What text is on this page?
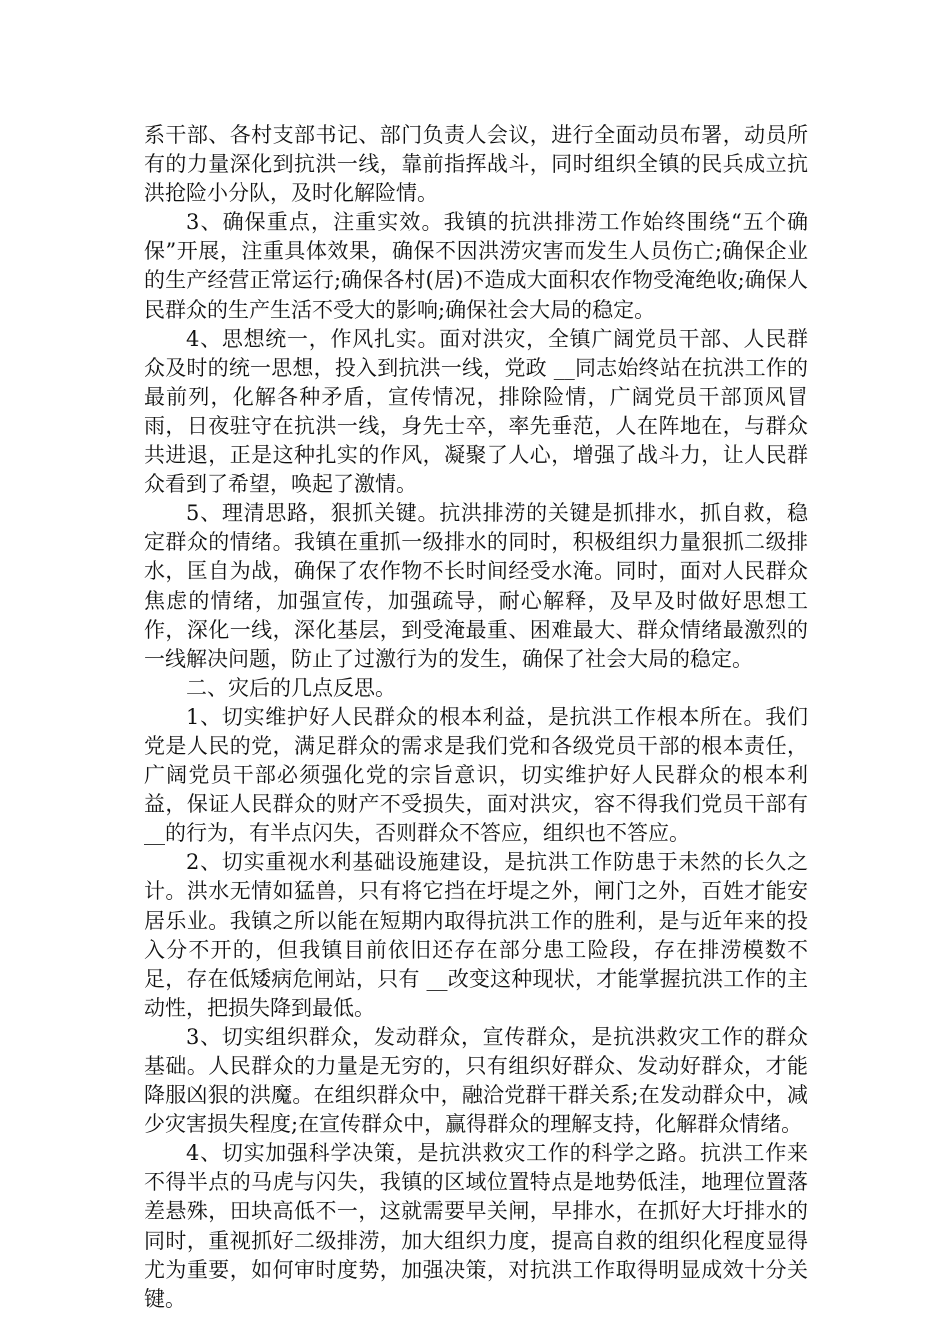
系干部、各村支部书记、部门负责人会议，进行全面动员布署，动员所有的力量深化到抗洪一线，靠前指挥战斗，同时组织全镇的民兵成立抗洪抢险小分队，及时化解险情。

3、确保重点，注重实效。我镇的抗洪排涝工作始终围绕“五个确保”开展，注重具体效果，确保不因洪涝灾害而发生人员伤亡;确保企业的生产经营正常运行;确保各村(居)不造成大面积农作物受淹绝收;确保人民群众的生产生活不受大的影响;确保社会大局的稳定。

4、思想统一，作风扎实。面对洪灾，全镇广阔党员干部、人民群众及时的统一思想，投入到抗洪一线，党政 __同志始终站在抗洪工作的最前列，化解各种矛盾，宣传情况，排除险情，广阔党员干部顶风冒雨，日夜驻守在抗洪一线，身先士卒，率先垂范，人在阵地在，与群众共进退，正是这种扎实的作风，凝聚了人心，增强了战斗力，让人民群众看到了希望，唤起了激情。

5、理清思路，狠抓关键。抗洪排涝的关键是抓排水，抓自救，稳定群众的情绪。我镇在重抓一级排水的同时，积极组织力量狠抓二级排水，匡自为战，确保了农作物不长时间经受水淹。同时，面对人民群众焦虑的情绪，加强宣传，加强疏导，耐心解释，及早及时做好思想工作，深化一线，深化基层，到受淹最重、困难最大、群众情绪最激烈的一线解决问题，防止了过激行为的发生，确保了社会大局的稳定。

二、灾后的几点反思。

1、切实维护好人民群众的根本利益，是抗洪工作根本所在。我们党是人民的党，满足群众的需求是我们党和各级党员干部的根本责任，广阔党员干部必须强化党的宗旨意识，切实维护好人民群众的根本利益，保证人民群众的财产不受损失，面对洪灾，容不得我们党员干部有 __的行为，有半点闪失，否则群众不答应，组织也不答应。

2、切实重视水利基础设施建设，是抗洪工作防患于未然的长久之计。洪水无情如猛兽，只有将它挡在圩堤之外，闸门之外，百姓才能安居乐业。我镇之所以能在短期内取得抗洪工作的胜利，是与近年来的投入分不开的，但我镇目前依旧还存在部分患工险段，存在排涝模数不足，存在低矮病危闸站，只有 __改变这种现状，才能掌握抗洪工作的主动性，把损失降到最低。

3、切实组织群众，发动群众，宣传群众，是抗洪救灾工作的群众基础。人民群众的力量是无穷的，只有组织好群众、发动好群众，才能降服凶狠的洪魔。在组织群众中，融洽党群干群关系;在发动群众中，减少灾害损失程度;在宣传群众中，赢得群众的理解支持，化解群众情绪。

4、切实加强科学决策，是抗洪救灾工作的科学之路。抗洪工作来不得半点的马虎与闪失，我镇的区域位置特点是地势低洼，地理位置落差悬殊，田块高低不一，这就需要早关闸，早排水，在抓好大圩排水的同时，重视抓好二级排涝，加大组织力度，提高自救的组织化程度显得尤为重要，如何审时度势，加强决策，对抗洪工作取得明显成效十分关键。
